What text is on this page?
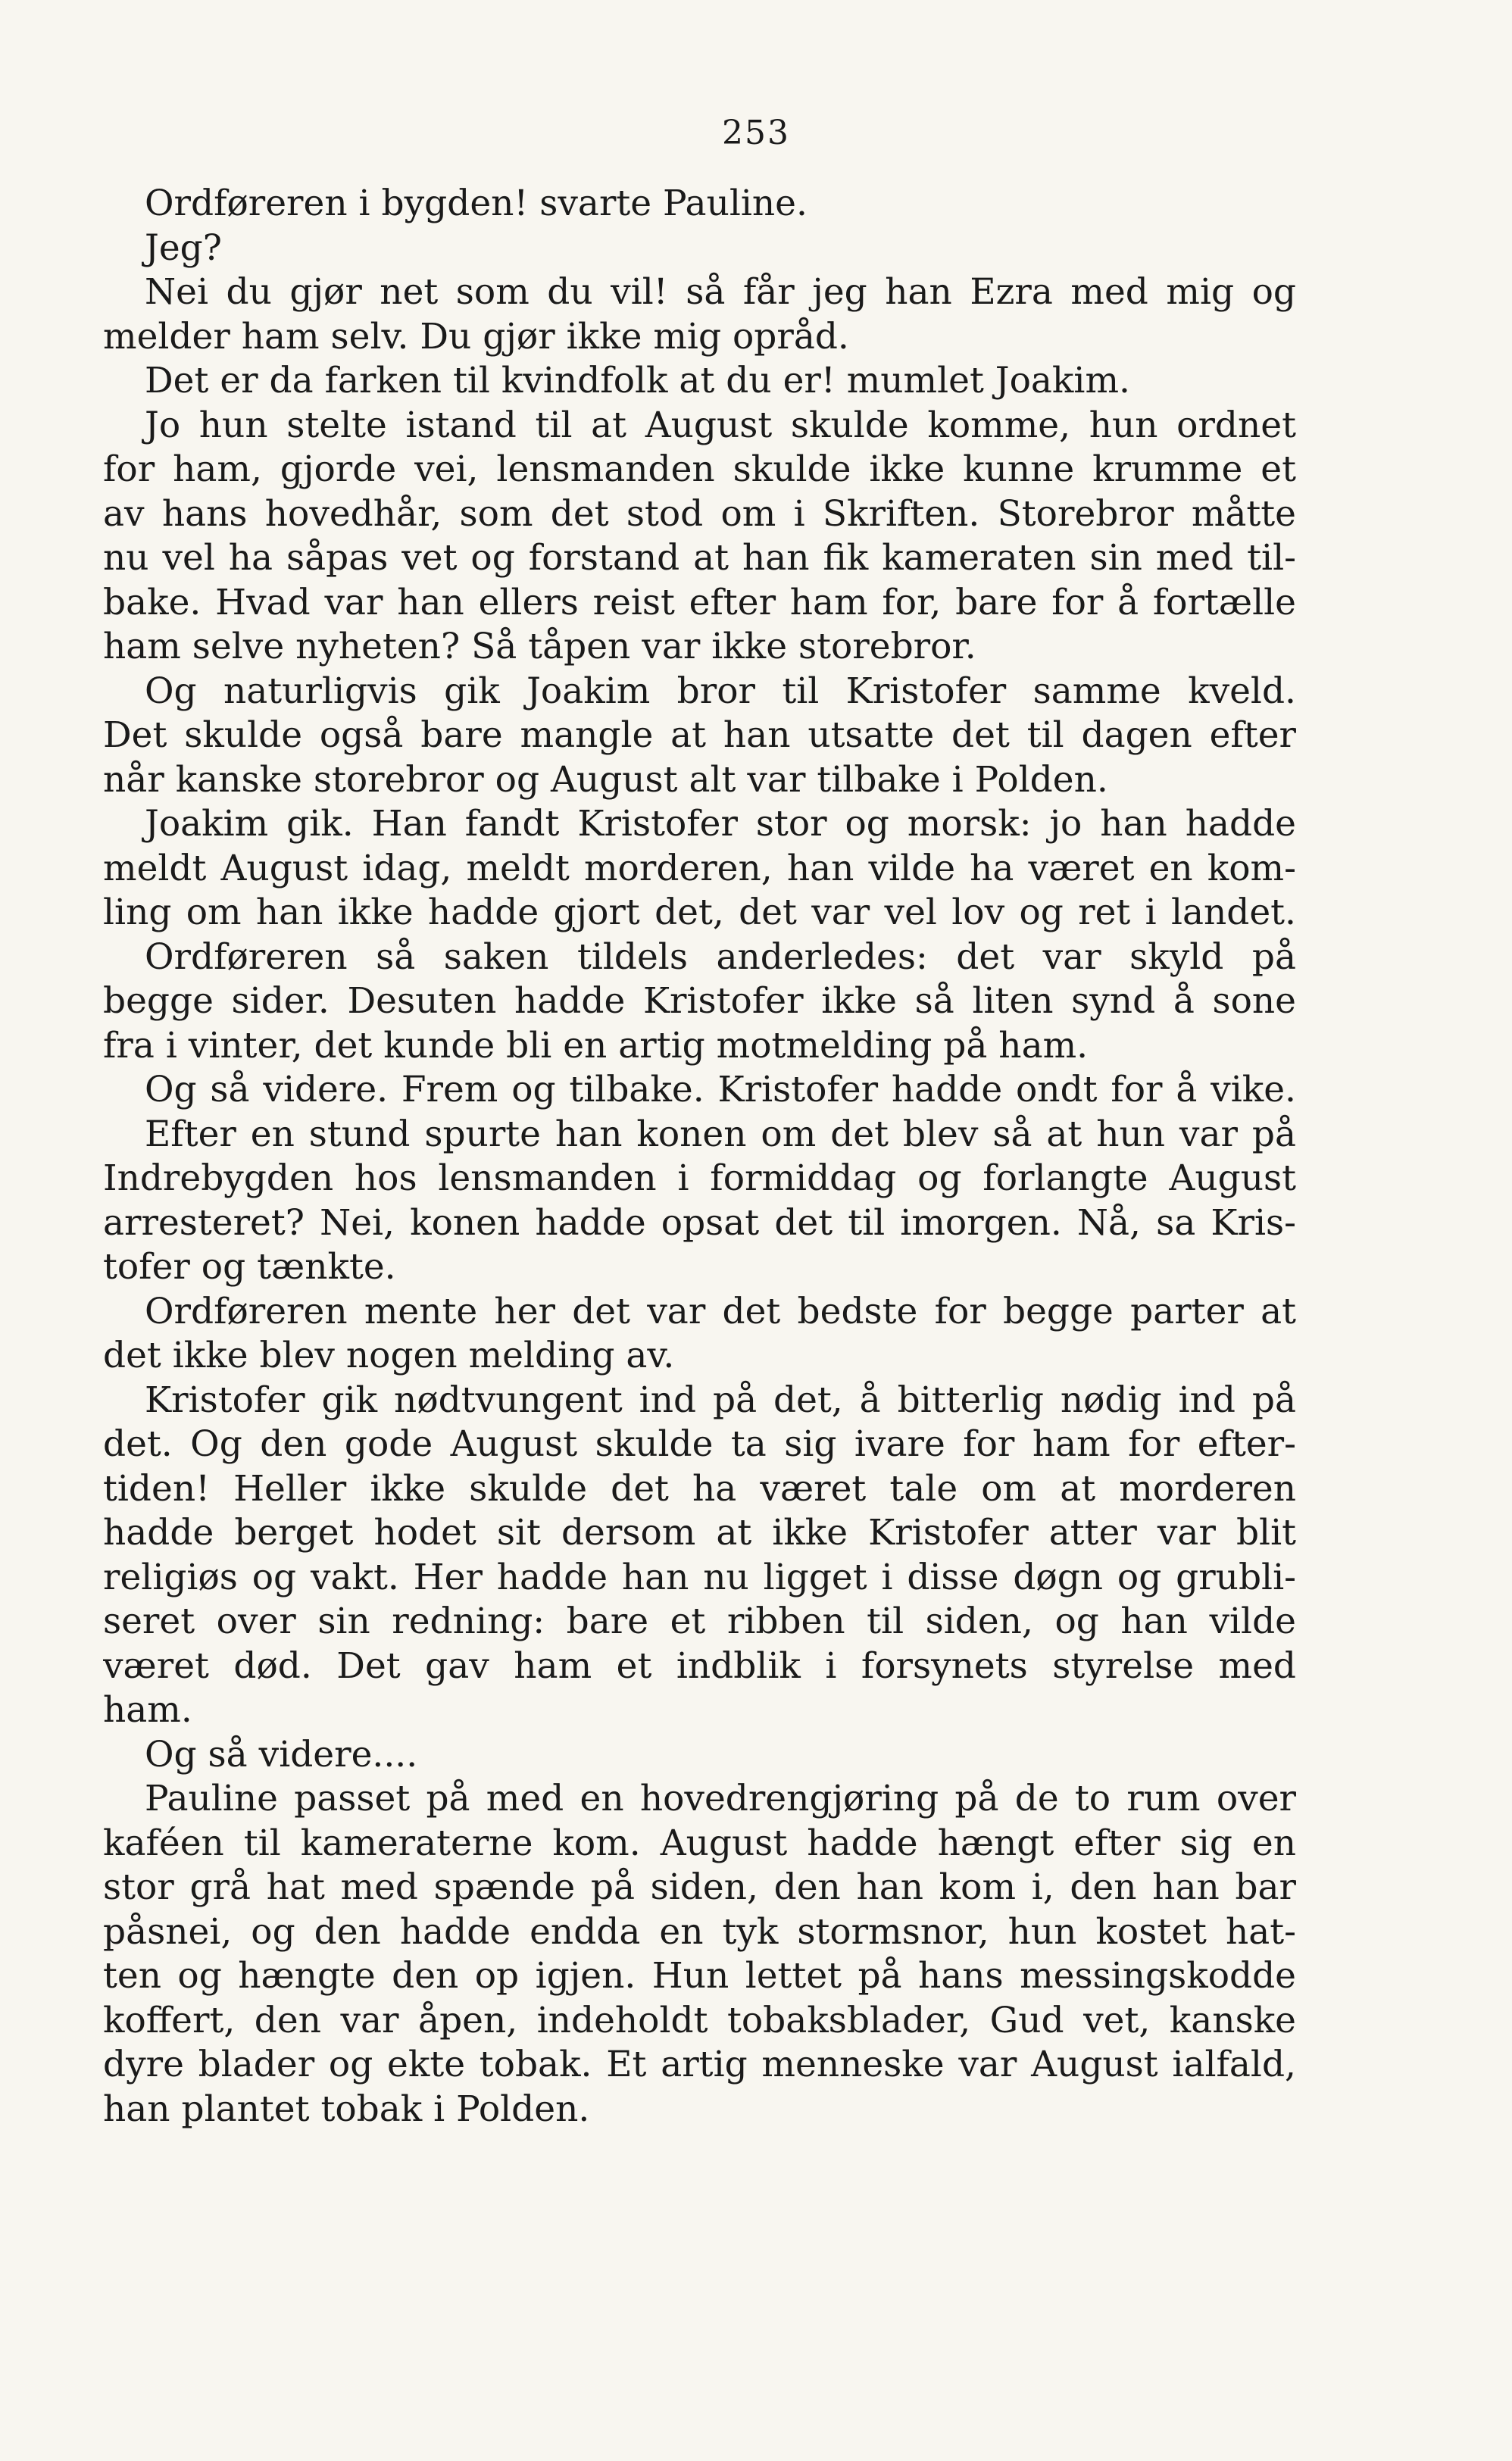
253
Ordføreren i bygden! svarte Pauline.
Jeg?
Nei du gjør net som du vil! så får jeg han Ezra med mig og
melder ham selv. Du gjør ikke mig opråd.
Det er da farken til kvindfolk at du er! mumlet Joakim.
Jo hun stelte istand til at August skulde komme, hun ordnet
for ham, gjorde vei, lensmanden skulde ikke kunne krumme et
av hans hovedhår, som det stod om i Skriften. Storebror måtte
nu vel ha såpas vet og forstand at han fik kameraten sin med til-
bake. Hvad var han ellers reist efter ham for, bare for å fortælle
ham selve nyheten? Så tåpen var ikke storebror.
Og naturligvis gik Joakim bror til Kristofer samme kveld.
Det skulde også bare mangle at han utsatte det til dagen efter
når kanske storebror og August alt var tilbake i Polden.
Joakim gik. Han fandt Kristofer stor og morsk: jo han hadde
meldt August idag, meldt morderen, han vilde ha været en kom-
ling om han ikke hadde gjort det, det var vel lov og ret i landet.
Ordføreren så saken tildels anderledes: det var skyld på
begge sider. Desuten hadde Kristofer ikke så liten synd å sone
fra i vinter, det kunde bli en artig motmelding på ham.
Og så videre. Frem og tilbake. Kristofer hadde ondt for å vike.
Efter en stund spurte han konen om det blev så at hun var på
Indrebygden hos lensmanden i formiddag og forlangte August
arresteret? Nei, konen hadde opsat det til imorgen. Nå, sa Kris-
tofer og tænkte.
Ordføreren mente her det var det bedste for begge parter at
det ikke blev nogen melding av.
Kristofer gik nødtvungent ind på det, å bitterlig nødig ind på
det. Og den gode August skulde ta sig ivare for ham for efter-
tiden! Heller ikke skulde det ha været tale om at morderen
hadde berget hodet sit dersom at ikke Kristofer atter var blit
religiøs og vakt. Her hadde han nu ligget i disse døgn og grubli-
seret over sin redning: bare et ribben til siden, og han vilde
været død. Det gav ham et indblik i forsynets styrelse med
ham.
Og så videre....
Pauline passet på med en hovedrengjøring på de to rum over
kaféen til kameraterne kom. August hadde hængt efter sig en
stor grå hat med spænde på siden, den han kom i, den han bar
påsnei, og den hadde endda en tyk stormsnor, hun kostet hat-
ten og hængte den op igjen. Hun lettet på hans messingskodde
koffert, den var åpen, indeholdt tobaksblader, Gud vet, kanske
dyre blader og ekte tobak. Et artig menneske var August ialfald,
han plantet tobak i Polden.
